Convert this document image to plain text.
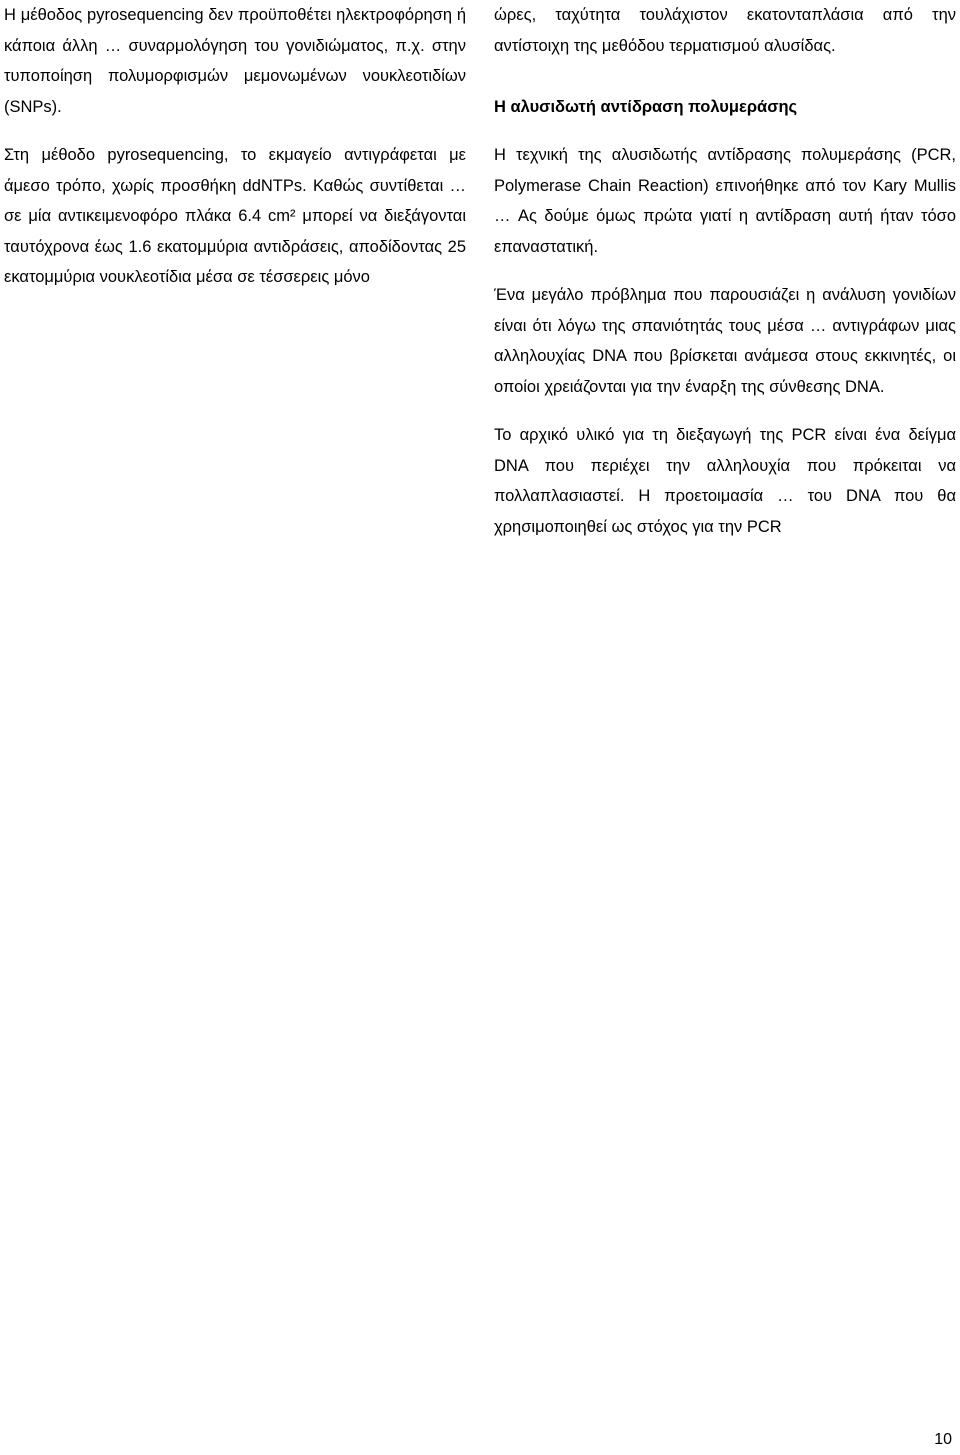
Η μέθοδος pyrosequencing δεν προϋποθέτει ηλεκτροφόρηση ή κάποια άλλη … συναρμολόγηση του γονιδιώματος, π.χ. στην τυποποίηση πολυμορφισμών μεμονωμένων νουκλεοτιδίων (SNPs).

Στη μέθοδο pyrosequencing, το εκμαγείο αντιγράφεται με άμεσο τρόπο, χωρίς προσθήκη ddNTPs. Καθώς συντίθεται … σε μία αντικειμενοφόρο πλάκα 6.4 cm² μπορεί να διεξάγονται ταυτόχρονα έως 1.6 εκατομμύρια αντιδράσεις, αποδίδοντας 25 εκατομμύρια νουκλεοτίδια μέσα σε τέσσερεις μόνο

ώρες, ταχύτητα τουλάχιστον εκατονταπλάσια από την αντίστοιχη της μεθόδου τερματισμού αλυσίδας.

Η αλυσιδωτή αντίδραση πολυμεράσης

Η τεχνική της αλυσιδωτής αντίδρασης πολυμεράσης (PCR, Polymerase Chain Reaction) επινοήθηκε από τον Kary Mullis … Ας δούμε όμως πρώτα γιατί η αντίδραση αυτή ήταν τόσο επαναστατική.

Ένα μεγάλο πρόβλημα που παρουσιάζει η ανάλυση γονιδίων είναι ότι λόγω της σπανιότητάς τους μέσα … αντιγράφων μιας αλληλουχίας DNA που βρίσκεται ανάμεσα στους εκκινητές, οι οποίοι χρειάζονται για την έναρξη της σύνθεσης DNA.

Το αρχικό υλικό για τη διεξαγωγή της PCR είναι ένα δείγμα DNA που περιέχει την αλληλουχία που πρόκειται να πολλαπλασιαστεί. Η προετοιμασία … του DNA που θα χρησιμοποιηθεί ως στόχος για την PCR

10
